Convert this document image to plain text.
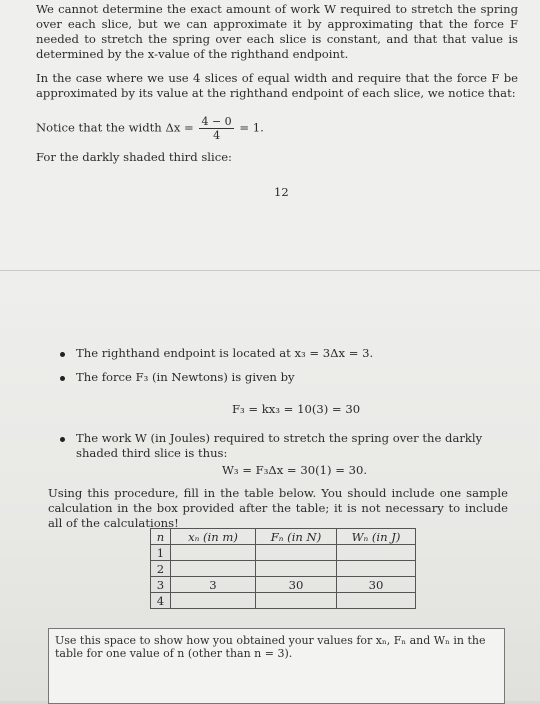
We cannot determine the exact amount of work W required to stretch the spring over each slice, but we can approximate it by approximating that the force F needed to stretch the spring over each slice is constant, and that that value is determined by the x-value of the righthand endpoint.
In the case where we use 4 slices of equal width and require that the force F be approximated by its value at the righthand endpoint of each slice, we notice that:
Notice that the width $\Delta x = \frac{4 - 0}{4} = 1$.
For the darkly shaded third slice:
12
The righthand endpoint is located at x₃ = 3Δx = 3.
The force F₃ (in Newtons) is given by
F₃ = kx₃ = 10(3) = 30
The work W (in Joules) required to stretch the spring over the darkly shaded third slice is thus:
W₃ = F₃Δx = 30(1) = 30.
Using this procedure, fill in the table below. You should include one sample calculation in the box provided after the table; it is not necessary to include all of the calculations!
n	xₙ (in m)	Fₙ (in N)	Wₙ (in J)
1			
2			
3	3	30	30
4			
Use this space to show how you obtained your values for xₙ, Fₙ and Wₙ in the table for one value of n (other than n = 3).
